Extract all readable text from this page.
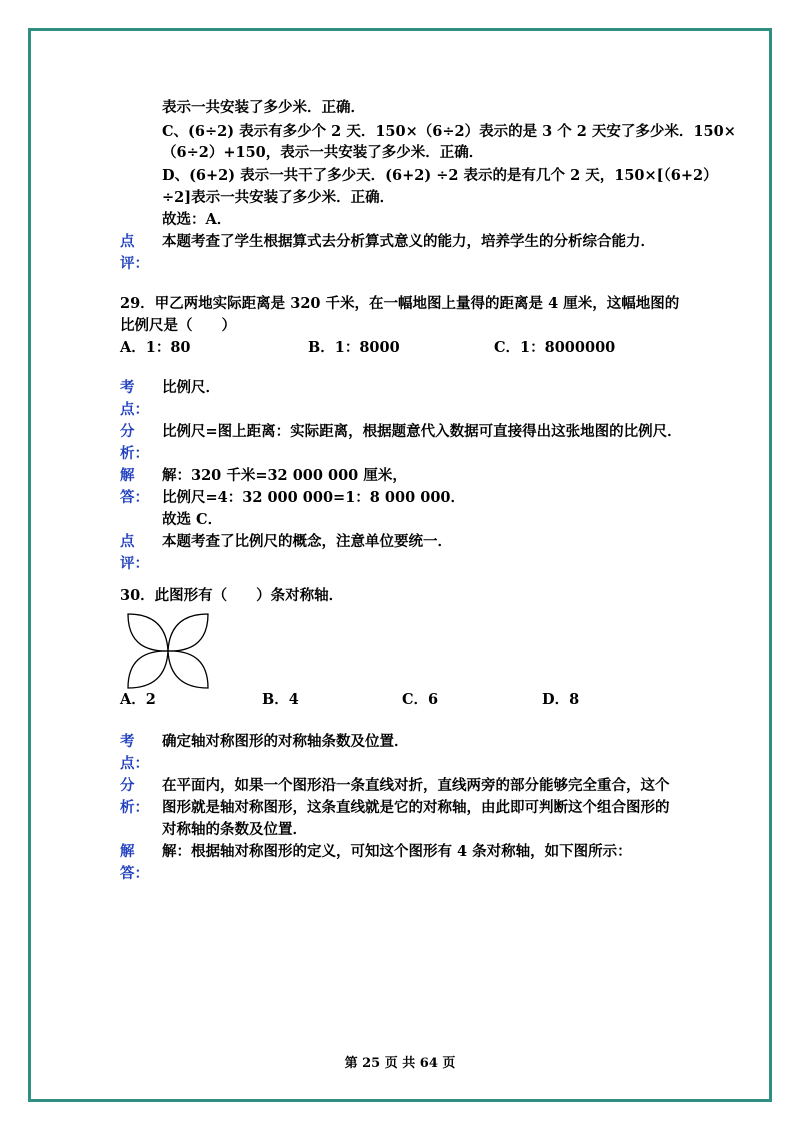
表示一共安装了多少米．正确．
C、(6÷2) 表示有多少个 2 天．150×（6÷2）表示的是 3 个 2 天安了多少米．150×
（6÷2）+150，表示一共安装了多少米．正确．
D、(6+2) 表示一共干了多少天．(6+2) ÷2 表示的是有几个 2 天，150×[（6+2）
÷2]表示一共安装了多少米．正确．
故选：A．
点
评：
本题考查了学生根据算式去分析算式意义的能力，培养学生的分析综合能力．
29．甲乙两地实际距离是 320 千米，在一幅地图上量得的距离是 4 厘米，这幅地图的
比例尺是（　　）
A．1：80	B．1：8000	C．1：8000000
考
点：
比例尺．
分
析：
比例尺=图上距离：实际距离，根据题意代入数据可直接得出这张地图的比例尺．
解
答：
解：320 千米=32 000 000 厘米，
比例尺=4：32 000 000=1：8 000 000．
故选 C．
点
评：
本题考查了比例尺的概念，注意单位要统一．
30．此图形有（　　）条对称轴．
A．2	B．4	C．6	D．8
考
点：
确定轴对称图形的对称轴条数及位置．
分
析：
在平面内，如果一个图形沿一条直线对折，直线两旁的部分能够完全重合，这个
图形就是轴对称图形，这条直线就是它的对称轴，由此即可判断这个组合图形的
对称轴的条数及位置．
解
答：
解：根据轴对称图形的定义，可知这个图形有 4 条对称轴，如下图所示：
第 25 页 共 64 页
